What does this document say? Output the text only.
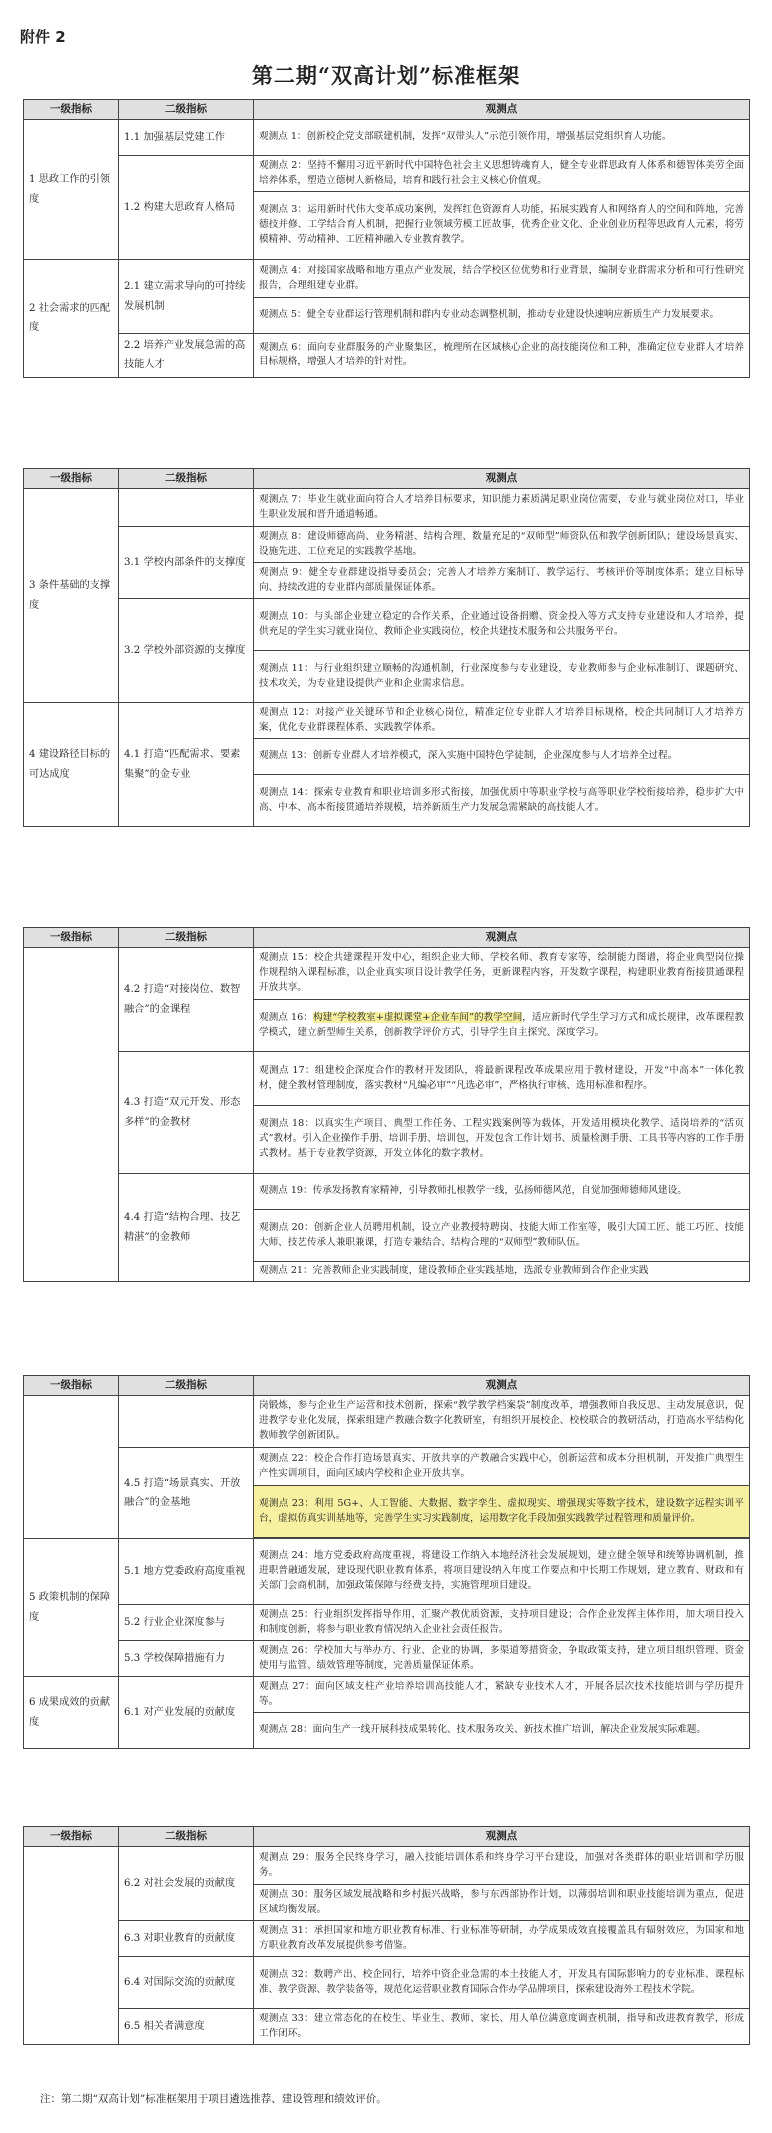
附件 2
第二期“双高计划”标准框架
一级指标	二级指标	观测点
1 思政工作的引领度	1.1 加强基层党建工作	观测点 1：创新校企党支部联建机制，发挥“双带头人”示范引领作用，增强基层党组织育人功能。
	1.2 构建大思政育人格局	观测点 2：坚持不懈用习近平新时代中国特色社会主义思想铸魂育人，健全专业群思政育人体系和德智体美劳全面培养体系，塑造立德树人新格局，培育和践行社会主义核心价值观。
		观测点 3：运用新时代伟大变革成功案例，发挥红色资源育人功能，拓展实践育人和网络育人的空间和阵地，完善德技并修、工学结合育人机制，把握行业领域劳模工匠故事，优秀企业文化、企业创业历程等思政育人元素，将劳模精神、劳动精神、工匠精神融入专业教育教学。
2 社会需求的匹配度	2.1 建立需求导向的可持续发展机制	观测点 4：对接国家战略和地方重点产业发展，结合学校区位优势和行业背景，编制专业群需求分析和可行性研究报告，合理组建专业群。
		观测点 5：健全专业群运行管理机制和群内专业动态调整机制，推动专业建设快速响应新质生产力发展要求。
	2.2 培养产业发展急需的高技能人才	观测点 6：面向专业群服务的产业聚集区，梳理所在区域核心企业的高技能岗位和工种，准确定位专业群人才培养目标规格，增强人才培养的针对性。
一级指标	二级指标	观测点
3 条件基础的支撑度		观测点 7：毕业生就业面向符合人才培养目标要求，知识能力素质满足职业岗位需要，专业与就业岗位对口，毕业生职业发展和晋升通道畅通。
	3.1 学校内部条件的支撑度	观测点 8：建设师德高尚、业务精湛、结构合理、数量充足的“双师型”师资队伍和教学创新团队；建设场景真实、设施先进、工位充足的实践教学基地。
		观测点 9：健全专业群建设指导委员会；完善人才培养方案制订、教学运行、考核评价等制度体系；建立目标导向、持续改进的专业群内部质量保证体系。
	3.2 学校外部资源的支撑度	观测点 10：与头部企业建立稳定的合作关系，企业通过设备捐赠、资金投入等方式支持专业建设和人才培养，提供充足的学生实习就业岗位、教师企业实践岗位，校企共建技术服务和公共服务平台。
		观测点 11：与行业组织建立顺畅的沟通机制，行业深度参与专业建设，专业教师参与企业标准制订、课题研究、技术攻关，为专业建设提供产业和企业需求信息。
4 建设路径目标的可达成度	4.1 打造“匹配需求、要素集聚”的金专业	观测点 12：对接产业关键环节和企业核心岗位，精准定位专业群人才培养目标规格，校企共同制订人才培养方案，优化专业群课程体系、实践教学体系。
		观测点 13：创新专业群人才培养模式，深入实施中国特色学徒制，企业深度参与人才培养全过程。
		观测点 14：探索专业教育和职业培训多形式衔接，加强优质中等职业学校与高等职业学校衔接培养，稳步扩大中高、中本、高本衔接贯通培养规模，培养新质生产力发展急需紧缺的高技能人才。
一级指标	二级指标	观测点
	4.2 打造“对接岗位、数智融合”的金课程	观测点 15：校企共建课程开发中心，组织企业大师、学校名师、教育专家等，绘制能力图谱，将企业典型岗位操作规程纳入课程标准，以企业真实项目设计教学任务，更新课程内容，开发数字课程，构建职业教育衔接贯通课程开放共享。
		观测点 16：构建“学校教室+虚拟课堂+企业车间”的教学空间，适应新时代学生学习方式和成长规律，改革课程教学模式，建立新型师生关系，创新教学评价方式，引导学生自主探究、深度学习。
	4.3 打造“双元开发、形态多样”的金教材	观测点 17：组建校企深度合作的教材开发团队，将最新课程改革成果应用于教材建设，开发“中高本”一体化教材，健全教材管理制度，落实教材“凡编必审”“凡选必审”，严格执行审核、选用标准和程序。
		观测点 18：以真实生产项目、典型工作任务、工程实践案例等为载体，开发适用模块化教学、适岗培养的“活页式”教材。引入企业操作手册、培训手册、培训包，开发包含工作计划书、质量检测手册、工具书等内容的工作手册式教材。基于专业教学资源，开发立体化的数字教材。
	4.4 打造“结构合理、技艺精湛”的金教师	观测点 19：传承发扬教育家精神，引导教师扎根教学一线，弘扬师德风范，自觉加强师德师风建设。
		观测点 20：创新企业人员聘用机制，设立产业教授特聘岗、技能大师工作室等，吸引大国工匠、能工巧匠、技能大师、技艺传承人兼职兼课，打造专兼结合、结构合理的“双师型”教师队伍。
		观测点 21：完善教师企业实践制度，建设教师企业实践基地，选派专业教师到合作企业实践
一级指标	二级指标	观测点
		岗锻炼，参与企业生产运营和技术创新，探索“教学教学档案袋”制度改革，增强教师自我反思、主动发展意识，促进教学专业化发展，探索组建产教融合数字化教研室，有组织开展校企、校校联合的教研活动，打造高水平结构化教师教学创新团队。
	4.5 打造“场景真实、开放融合”的金基地	观测点 22：校企合作打造场景真实、开放共享的产教融合实践中心，创新运营和成本分担机制，开发推广典型生产性实训项目，面向区域内学校和企业开放共享。
		观测点 23：利用 5G+、人工智能、大数据、数字孪生、虚拟现实、增强现实等数字技术，建设数字远程实训平台，虚拟仿真实训基地等，完善学生实习实践制度，运用数字化手段加强实践教学过程管理和质量评价。

5 政策机制的保障度	5.1 地方党委政府高度重视	观测点 24：地方党委政府高度重视，将建设工作纳入本地经济社会发展规划，建立健全领导和统筹协调机制，推进职普融通发展，建设现代职业教育体系，将项目建设纳入年度工作要点和中长期工作规划，建立教育、财政和有关部门会商机制，加强政策保障与经费支持，实施管理项目建设。
	5.2 行业企业深度参与	观测点 25：行业组织发挥指导作用，汇聚产教优质资源，支持项目建设；合作企业发挥主体作用，加大项目投入和制度创新，将参与职业教育情况纳入企业社会责任报告。
	5.3 学校保障措施有力	观测点 26：学校加大与举办方、行业、企业的协调，多渠道筹措资金，争取政策支持，建立项目组织管理、资金使用与监管、绩效管理等制度，完善质量保证体系。
6 成果成效的贡献度	6.1 对产业发展的贡献度	观测点 27：面向区域支柱产业培养培训高技能人才，紧缺专业技术人才，开展各层次技术技能培训与学历提升等。
		观测点 28：面向生产一线开展科技成果转化、技术服务攻关、新技术推广培训，解决企业发展实际难题。
一级指标	二级指标	观测点
	6.2 对社会发展的贡献度	观测点 29：服务全民终身学习，融入技能培训体系和终身学习平台建设，加强对各类群体的职业培训和学历服务。
		观测点 30：服务区域发展战略和乡村振兴战略，参与东西部协作计划，以薄弱培训和职业技能培训为重点，促进区域均衡发展。
	6.3 对职业教育的贡献度	观测点 31：承担国家和地方职业教育标准、行业标准等研制，办学成果成效直接覆盖具有辐射效应，为国家和地方职业教育改革发展提供参考借鉴。
	6.4 对国际交流的贡献度	观测点 32：数聘产出、校企同行，培养中资企业急需的本土技能人才，开发具有国际影响力的专业标准、课程标准、教学资源、教学装备等，规范化运营职业教育国际合作办学品牌项目，探索建设海外工程技术学院。
	6.5 相关者满意度	观测点 33：建立常态化的在校生、毕业生、教师、家长、用人单位满意度调查机制，指导和改进教育教学，形成工作闭环。
注：第二期“双高计划”标准框架用于项目遴选推荐、建设管理和绩效评价。
